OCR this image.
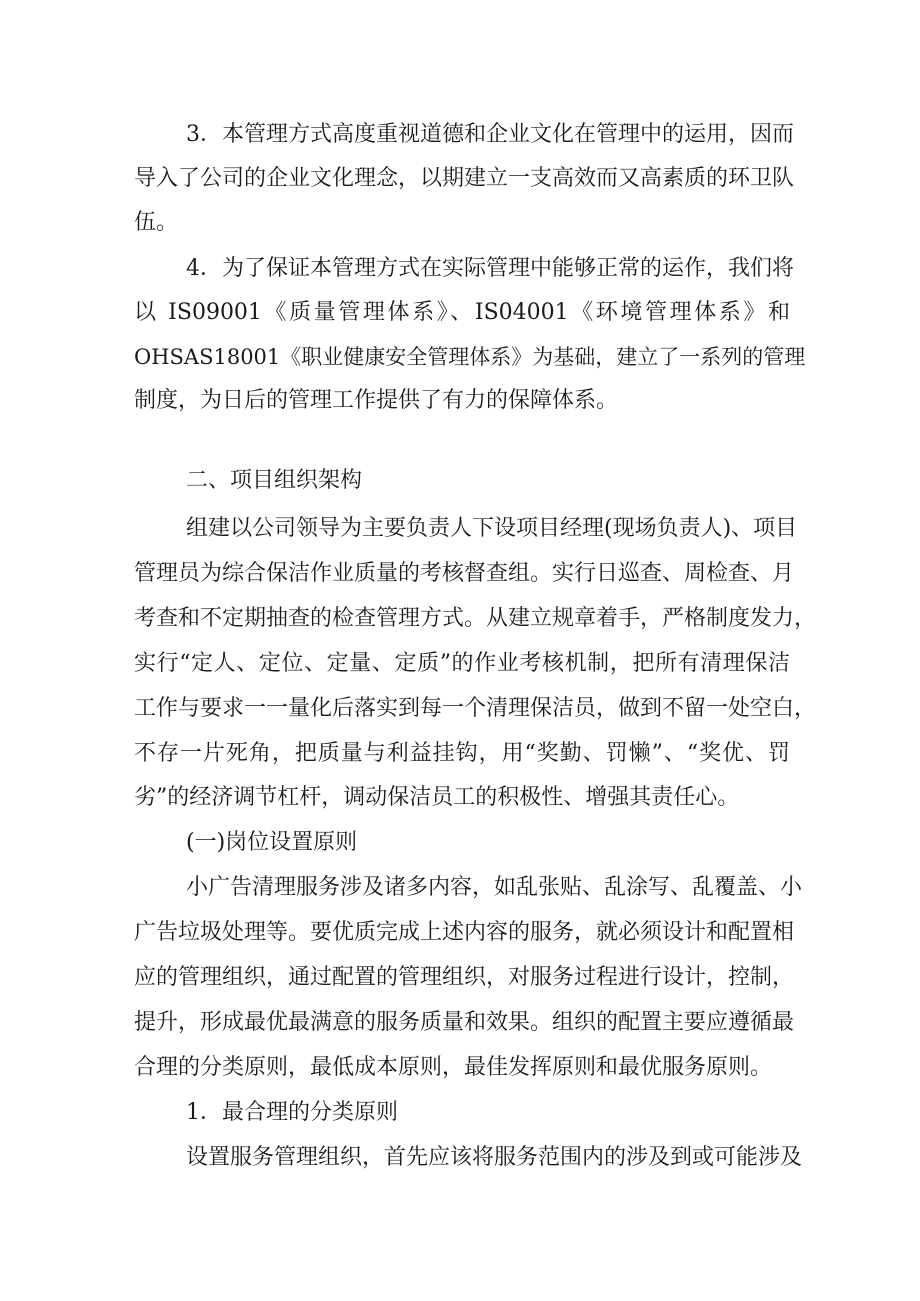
3．本管理方式高度重视道德和企业文化在管理中的运用，因而
导入了公司的企业文化理念，以期建立一支高效而又高素质的环卫队
伍。
4．为了保证本管理方式在实际管理中能够正常的运作，我们将
以 IS09001《质量管理体系》、IS04001《环境管理体系》和
OHSAS18001《职业健康安全管理体系》为基础，建立了一系列的管理
制度，为日后的管理工作提供了有力的保障体系。
二、项目组织架构
组建以公司领导为主要负责人下设项目经理(现场负责人)、项目
管理员为综合保洁作业质量的考核督查组。实行日巡查、周检查、月
考查和不定期抽查的检查管理方式。从建立规章着手，严格制度发力，
实行“定人、定位、定量、定质”的作业考核机制，把所有清理保洁
工作与要求一一量化后落实到每一个清理保洁员，做到不留一处空白，
不存一片死角，把质量与利益挂钩，用“奖勤、罚懒”、“奖优、罚
劣”的经济调节杠杆，调动保洁员工的积极性、增强其责任心。
(一)岗位设置原则
小广告清理服务涉及诸多内容，如乱张贴、乱涂写、乱覆盖、小
广告垃圾处理等。要优质完成上述内容的服务，就必须设计和配置相
应的管理组织，通过配置的管理组织，对服务过程进行设计，控制，
提升，形成最优最满意的服务质量和效果。组织的配置主要应遵循最
合理的分类原则，最低成本原则，最佳发挥原则和最优服务原则。
1．最合理的分类原则
设置服务管理组织，首先应该将服务范围内的涉及到或可能涉及
